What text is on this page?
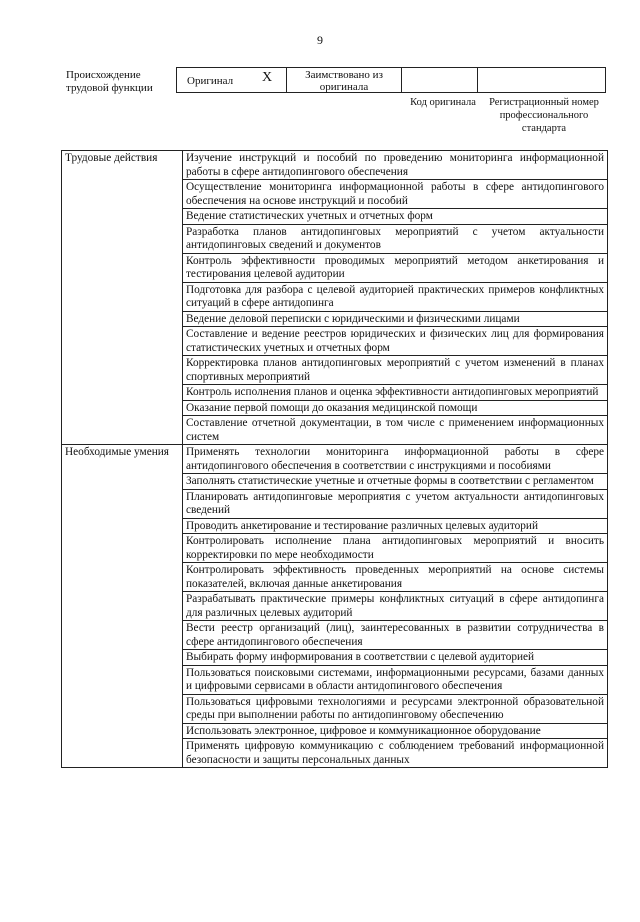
9
Происхождение трудовой функции
Оригинал X	Заимствовано из оригинала
Код оригинала	Регистрационный номер профессионального стандарта
Трудовые действия	Изучение инструкций и пособий по проведению мониторинга информационной работы в сфере антидопингового обеспечения
	Осуществление мониторинга информационной работы в сфере антидопингового обеспечения на основе инструкций и пособий
	Ведение статистических учетных и отчетных форм
	Разработка планов антидопинговых мероприятий с учетом актуальности антидопинговых сведений и документов
	Контроль эффективности проводимых мероприятий методом анкетирования и тестирования целевой аудитории
	Подготовка для разбора с целевой аудиторией практических примеров конфликтных ситуаций в сфере антидопинга
	Ведение деловой переписки с юридическими и физическими лицами
	Составление и ведение реестров юридических и физических лиц для формирования статистических учетных и отчетных форм
	Корректировка планов антидопинговых мероприятий с учетом изменений в планах спортивных мероприятий
	Контроль исполнения планов и оценка эффективности антидопинговых мероприятий
	Оказание первой помощи до оказания медицинской помощи
	Составление отчетной документации, в том числе с применением информационных систем
Необходимые умения	Применять технологии мониторинга информационной работы в сфере антидопингового обеспечения в соответствии с инструкциями и пособиями
	Заполнять статистические учетные и отчетные формы в соответствии с регламентом
	Планировать антидопинговые мероприятия с учетом актуальности антидопинговых сведений
	Проводить анкетирование и тестирование различных целевых аудиторий
	Контролировать исполнение плана антидопинговых мероприятий и вносить корректировки по мере необходимости
	Контролировать эффективность проведенных мероприятий на основе системы показателей, включая данные анкетирования
	Разрабатывать практические примеры конфликтных ситуаций в сфере антидопинга для различных целевых аудиторий
	Вести реестр организаций (лиц), заинтересованных в развитии сотрудничества в сфере антидопингового обеспечения
	Выбирать форму информирования в соответствии с целевой аудиторией
	Пользоваться поисковыми системами, информационными ресурсами, базами данных и цифровыми сервисами в области антидопингового обеспечения
	Пользоваться цифровыми технологиями и ресурсами электронной образовательной среды при выполнении работы по антидопинговому обеспечению
	Использовать электронное, цифровое и коммуникационное оборудование
	Применять цифровую коммуникацию с соблюдением требований информационной безопасности и защиты персональных данных
